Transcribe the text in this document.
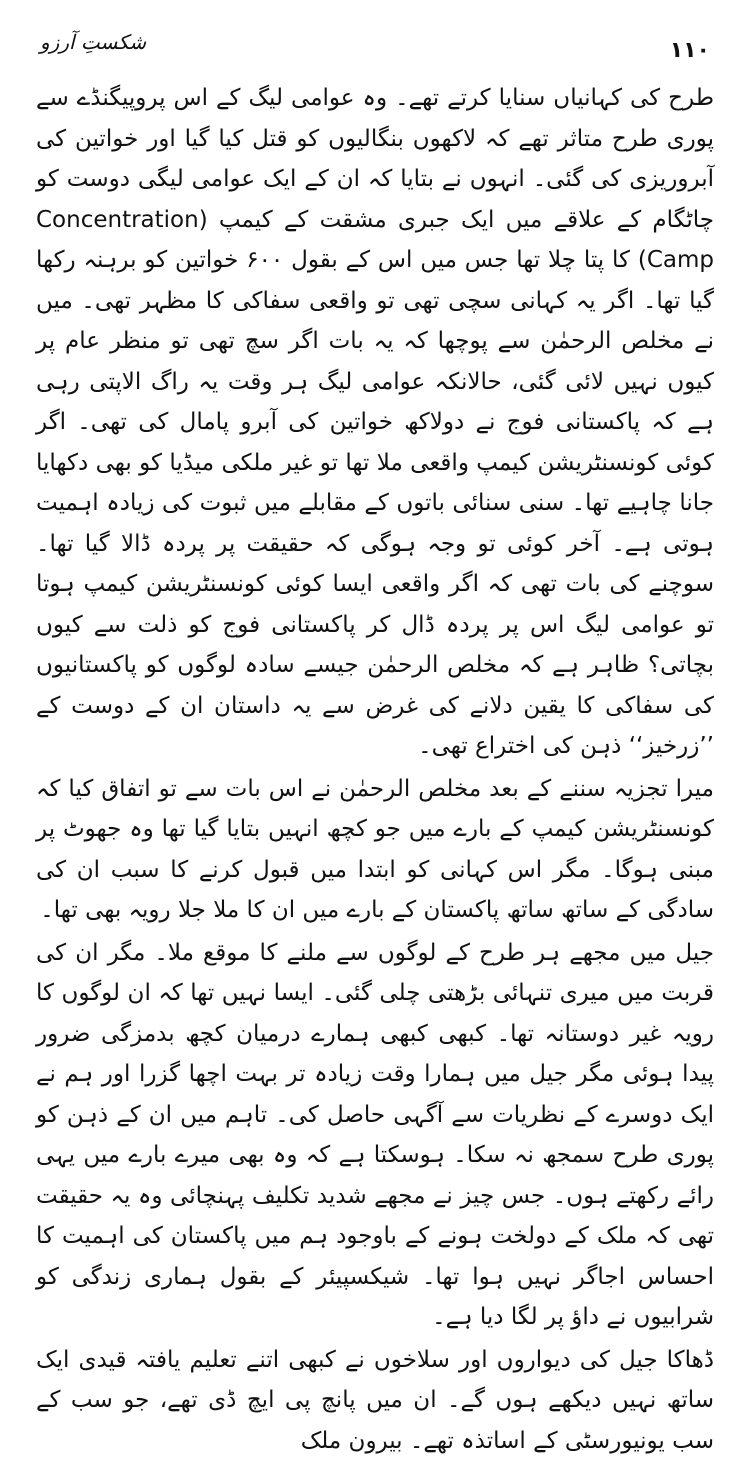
شکستِ آرزو	١١٠

طرح کی کہانیاں سنایا کرتے تھے۔ وہ عوامی لیگ کے اس پروپیگنڈے سے پوری طرح متاثر تھے کہ لاکھوں بنگالیوں کو قتل کیا گیا اور خواتین کی آبروریزی کی گئی۔ انہوں نے بتایا کہ ان کے ایک عوامی لیگی دوست کو چاٹگام کے علاقے میں ایک جبری مشقت کے کیمپ (Concentration Camp) کا پتا چلا تھا جس میں اس کے بقول ۶۰۰ خواتین کو برہنہ رکھا گیا تھا۔ اگر یہ کہانی سچی تھی تو واقعی سفاکی کا مظہر تھی۔ میں نے مخلص الرحمٰن سے پوچھا کہ یہ بات اگر سچ تھی تو منظر عام پر کیوں نہیں لائی گئی، حالانکہ عوامی لیگ ہر وقت یہ راگ الاپتی رہی ہے کہ پاکستانی فوج نے دولاکھ خواتین کی آبرو پامال کی تھی۔ اگر کوئی کونسنٹریشن کیمپ واقعی ملا تھا تو غیر ملکی میڈیا کو بھی دکھایا جانا چاہیے تھا۔ سنی سنائی باتوں کے مقابلے میں ثبوت کی زیادہ اہمیت ہوتی ہے۔ آخر کوئی تو وجہ ہوگی کہ حقیقت پر پردہ ڈالا گیا تھا۔ سوچنے کی بات تھی کہ اگر واقعی ایسا کوئی کونسنٹریشن کیمپ ہوتا تو عوامی لیگ اس پر پردہ ڈال کر پاکستانی فوج کو ذلت سے کیوں بچاتی؟ ظاہر ہے کہ مخلص الرحمٰن جیسے سادہ لوگوں کو پاکستانیوں کی سفاکی کا یقین دلانے کی غرض سے یہ داستان ان کے دوست کے ’’زرخیز‘‘ ذہن کی اختراع تھی۔

میرا تجزیہ سننے کے بعد مخلص الرحمٰن نے اس بات سے تو اتفاق کیا کہ کونسنٹریشن کیمپ کے بارے میں جو کچھ انہیں بتایا گیا تھا وہ جھوٹ پر مبنی ہوگا۔ مگر اس کہانی کو ابتدا میں قبول کرنے کا سبب ان کی سادگی کے ساتھ ساتھ پاکستان کے بارے میں ان کا ملا جلا رویہ بھی تھا۔

جیل میں مجھے ہر طرح کے لوگوں سے ملنے کا موقع ملا۔ مگر ان کی قربت میں میری تنہائی بڑھتی چلی گئی۔ ایسا نہیں تھا کہ ان لوگوں کا رویہ غیر دوستانہ تھا۔ کبھی کبھی ہمارے درمیان کچھ بدمزگی ضرور پیدا ہوئی مگر جیل میں ہمارا وقت زیادہ تر بہت اچھا گزرا اور ہم نے ایک دوسرے کے نظریات سے آگہی حاصل کی۔ تاہم میں ان کے ذہن کو پوری طرح سمجھ نہ سکا۔ ہوسکتا ہے کہ وہ بھی میرے بارے میں یہی رائے رکھتے ہوں۔ جس چیز نے مجھے شدید تکلیف پہنچائی وہ یہ حقیقت تھی کہ ملک کے دولخت ہونے کے باوجود ہم میں پاکستان کی اہمیت کا احساس اجاگر نہیں ہوا تھا۔ شیکسپیئر کے بقول ہماری زندگی کو شرابیوں نے داؤ پر لگا دیا ہے۔

ڈھاکا جیل کی دیواروں اور سلاخوں نے کبھی اتنے تعلیم یافتہ قیدی ایک ساتھ نہیں دیکھے ہوں گے۔ ان میں پانچ پی ایچ ڈی تھے، جو سب کے سب یونیورسٹی کے اساتذہ تھے۔ بیرون ملک
